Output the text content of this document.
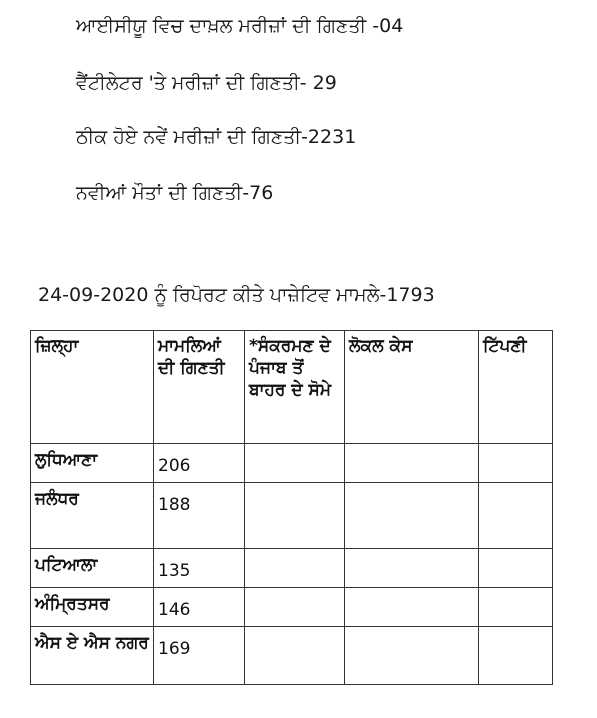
ਆਈਸੀਯੂ ਵਿਚ ਦਾਖ਼ਲ ਮਰੀਜ਼ਾਂ ਦੀ ਗਿਣਤੀ -04
ਵੈਂਟੀਲੇਟਰ 'ਤੇ ਮਰੀਜ਼ਾਂ ਦੀ ਗਿਣਤੀ- 29
ਠੀਕ ਹੋਏ ਨਵੇਂ ਮਰੀਜ਼ਾਂ ਦੀ ਗਿਣਤੀ-2231
ਨਵੀਆਂ ਮੌਤਾਂ ਦੀ ਗਿਣਤੀ-76
24-09-2020 ਨੂੰ ਰਿਪੋਰਟ ਕੀਤੇ ਪਾਜ਼ੇਟਿਵ ਮਾਮਲੇ-1793
ਜ਼ਿਲ੍ਹਾ	ਮਾਮਲਿਆਂ ਦੀ ਗਿਣਤੀ	*ਸੰਕਰਮਣ ਦੇ ਪੰਜਾਬ ਤੋਂ ਬਾਹਰ ਦੇ ਸੋਮੇ	ਲੋਕਲ ਕੇਸ	ਟਿੱਪਣੀ
ਲੁਧਿਆਣਾ	206			
ਜਲੰਧਰ	188			
ਪਟਿਆਲਾ	135			
ਅੰਮ੍ਰਿਤਸਰ	146			
ਐਸ ਏ ਐਸ ਨਗਰ	169			
